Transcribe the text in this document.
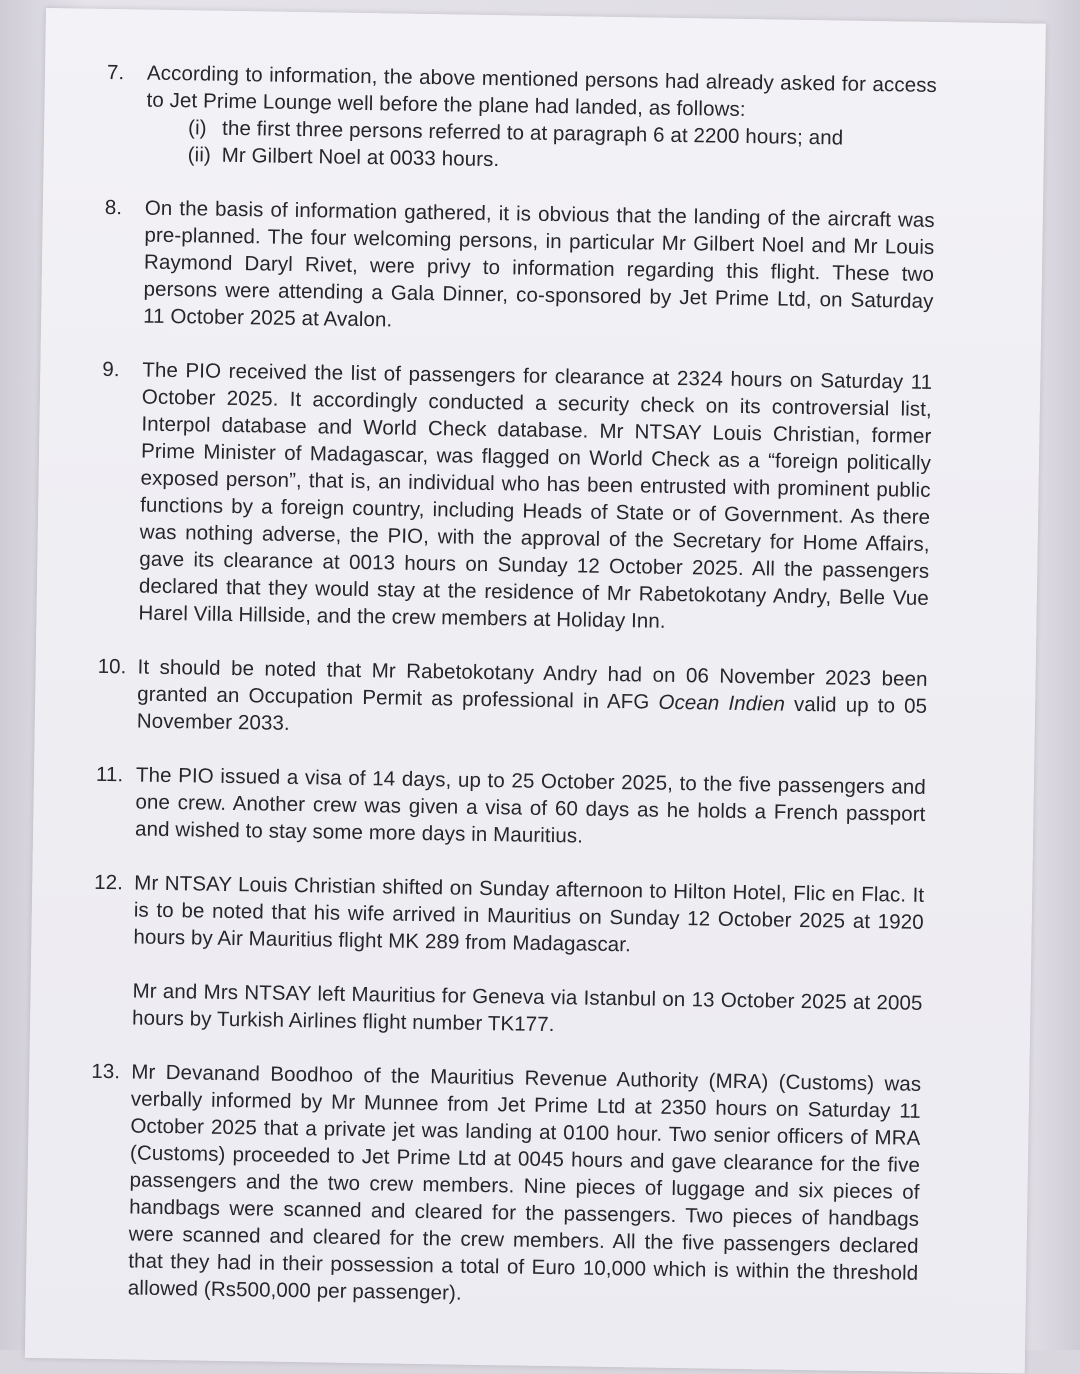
7.	According to information, the above mentioned persons had already asked for access to Jet Prime Lounge well before the plane had landed, as follows:
(i) the first three persons referred to at paragraph 6 at 2200 hours; and
(ii) Mr Gilbert Noel at 0033 hours.
8.	On the basis of information gathered, it is obvious that the landing of the aircraft was pre-planned. The four welcoming persons, in particular Mr Gilbert Noel and Mr Louis Raymond Daryl Rivet, were privy to information regarding this flight. These two persons were attending a Gala Dinner, co-sponsored by Jet Prime Ltd, on Saturday 11 October 2025 at Avalon.
9.	The PIO received the list of passengers for clearance at 2324 hours on Saturday 11 October 2025. It accordingly conducted a security check on its controversial list, Interpol database and World Check database. Mr NTSAY Louis Christian, former Prime Minister of Madagascar, was flagged on World Check as a “foreign politically exposed person”, that is, an individual who has been entrusted with prominent public functions by a foreign country, including Heads of State or of Government. As there was nothing adverse, the PIO, with the approval of the Secretary for Home Affairs, gave its clearance at 0013 hours on Sunday 12 October 2025. All the passengers declared that they would stay at the residence of Mr Rabetokotany Andry, Belle Vue Harel Villa Hillside, and the crew members at Holiday Inn.
10. It should be noted that Mr Rabetokotany Andry had on 06 November 2023 been granted an Occupation Permit as professional in AFG Ocean Indien valid up to 05 November 2033.
11. The PIO issued a visa of 14 days, up to 25 October 2025, to the five passengers and one crew. Another crew was given a visa of 60 days as he holds a French passport and wished to stay some more days in Mauritius.
12. Mr NTSAY Louis Christian shifted on Sunday afternoon to Hilton Hotel, Flic en Flac. It is to be noted that his wife arrived in Mauritius on Sunday 12 October 2025 at 1920 hours by Air Mauritius flight MK 289 from Madagascar.
Mr and Mrs NTSAY left Mauritius for Geneva via Istanbul on 13 October 2025 at 2005 hours by Turkish Airlines flight number TK177.
13. Mr Devanand Boodhoo of the Mauritius Revenue Authority (MRA) (Customs) was verbally informed by Mr Munnee from Jet Prime Ltd at 2350 hours on Saturday 11 October 2025 that a private jet was landing at 0100 hour. Two senior officers of MRA (Customs) proceeded to Jet Prime Ltd at 0045 hours and gave clearance for the five passengers and the two crew members. Nine pieces of luggage and six pieces of handbags were scanned and cleared for the passengers. Two pieces of handbags were scanned and cleared for the crew members. All the five passengers declared that they had in their possession a total of Euro 10,000 which is within the threshold allowed (Rs500,000 per passenger).
